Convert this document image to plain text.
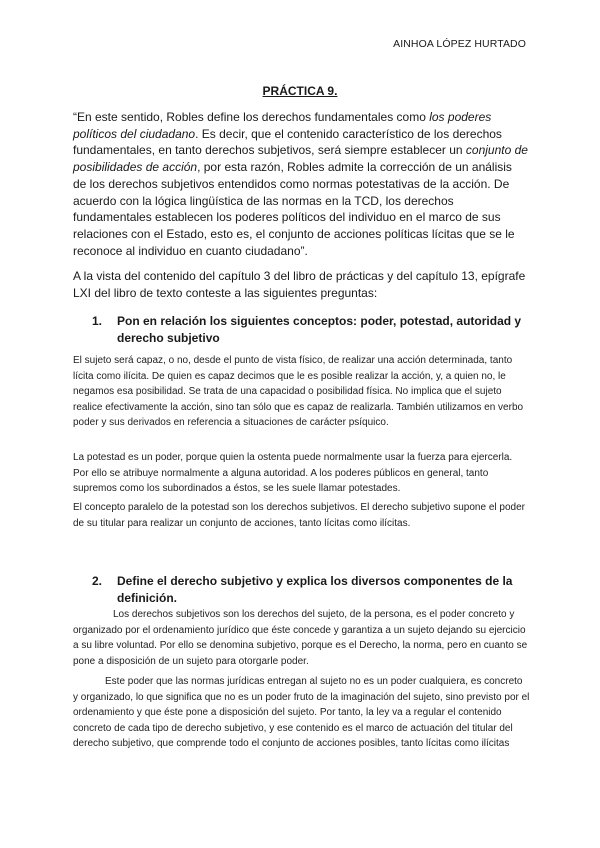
AINHOA LÓPEZ HURTADO
PRÁCTICA 9.

“En este sentido, Robles define los derechos fundamentales como los poderes políticos del ciudadano. Es decir, que el contenido característico de los derechos fundamentales, en tanto derechos subjetivos, será siempre establecer un conjunto de posibilidades de acción, por esta razón, Robles admite la corrección de un análisis de los derechos subjetivos entendidos como normas potestativas de la acción. De acuerdo con la lógica lingüística de las normas en la TCD, los derechos fundamentales establecen los poderes políticos del individuo en el marco de sus relaciones con el Estado, esto es, el conjunto de acciones políticas lícitas que se le reconoce al individuo en cuanto ciudadano”.

A la vista del contenido del capítulo 3 del libro de prácticas y del capítulo 13, epígrafe LXI del libro de texto conteste a las siguientes preguntas:

1.	Pon en relación los siguientes conceptos: poder, potestad, autoridad y derecho subjetivo

El sujeto será capaz, o no, desde el punto de vista físico, de realizar una acción determinada, tanto lícita como ilícita. De quien es capaz decimos que le es posible realizar la acción, y, a quien no, le negamos esa posibilidad. Se trata de una capacidad o posibilidad física. No implica que el sujeto realice efectivamente la acción, sino tan sólo que es capaz de realizarla. También utilizamos en verbo poder y sus derivados en referencia a situaciones de carácter psíquico.

La potestad es un poder, porque quien la ostenta puede normalmente usar la fuerza para ejercerla. Por ello se atribuye normalmente a alguna autoridad. A los poderes públicos en general, tanto supremos como los subordinados a éstos, se les suele llamar potestades.

El concepto paralelo de la potestad son los derechos subjetivos. El derecho subjetivo supone el poder de su titular para realizar un conjunto de acciones, tanto lícitas como ilícitas.

2.	Define el derecho subjetivo y explica los diversos componentes de la definición.

Los derechos subjetivos son los derechos del sujeto, de la persona, es el poder concreto y organizado por el ordenamiento jurídico que éste concede y garantiza a un sujeto dejando su ejercicio a su libre voluntad. Por ello se denomina subjetivo, porque es el Derecho, la norma, pero en cuanto se pone a disposición de un sujeto para otorgarle poder.

Este poder que las normas jurídicas entregan al sujeto no es un poder cualquiera, es concreto y organizado, lo que significa que no es un poder fruto de la imaginación del sujeto, sino previsto por el ordenamiento y que éste pone a disposición del sujeto. Por tanto, la ley va a regular el contenido concreto de cada tipo de derecho subjetivo, y ese contenido es el marco de actuación del titular del derecho subjetivo, que comprende todo el conjunto de acciones posibles, tanto lícitas como ilícitas
